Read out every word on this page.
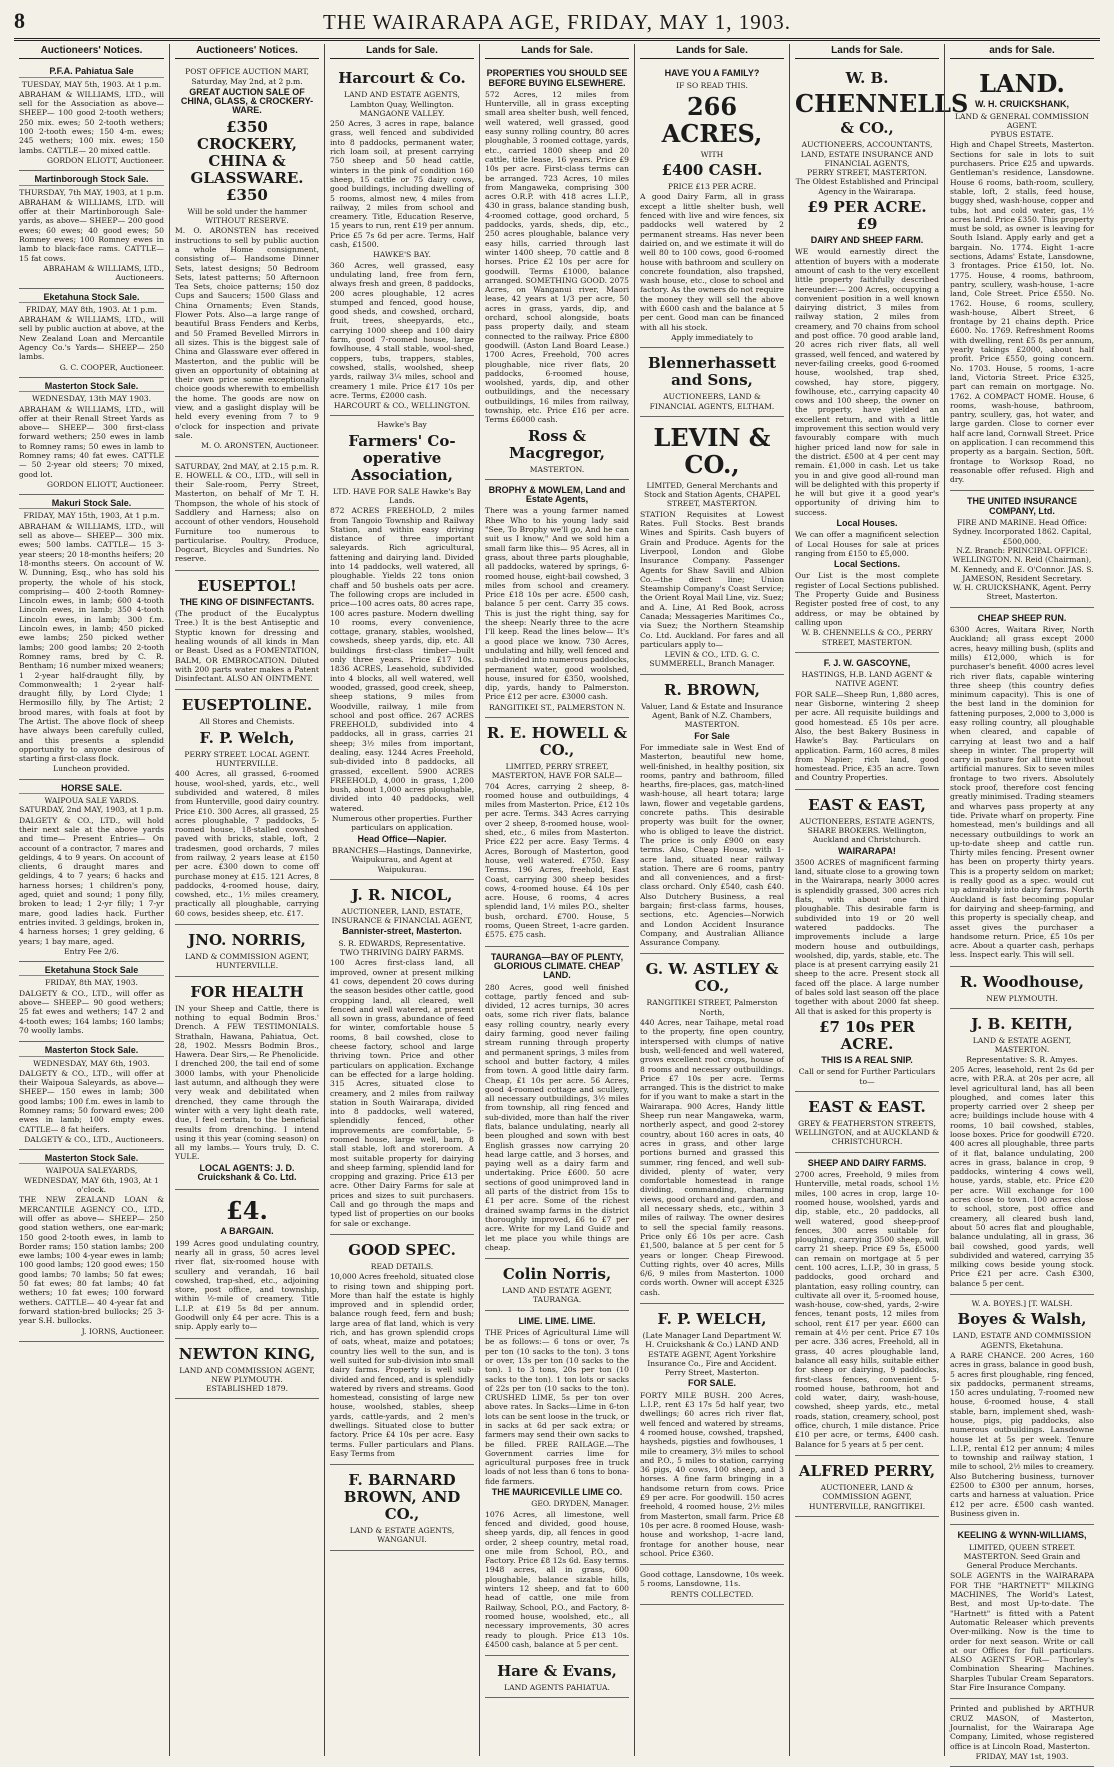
8	THE WAIRARAPA AGE, FRIDAY, MAY 1, 1903.
Auctioneers' Notices.
P.F.A. Pahiatua Sale
TUESDAY, MAY 5th, 1903. At 1 p.m.
ABRAHAM & WILLIAMS, LTD., will sell for the Association as above— SHEEP— 100 good 2-tooth wethers; 250 mix. ewes; 50 2-tooth wethers; 100 2-tooth ewes; 150 4-m. ewes; 245 wethers; 100 mix. ewes; 150 lambs. CATTLE— 20 mixed cattle.
GORDON ELIOTT, Auctioneer.
Martinborough Stock Sale.
THURSDAY, 7th MAY, 1903, at 1 p.m.
ABRAHAM & WILLIAMS, LTD. will offer at their Martinborough Sale-yards, as above— SHEEP— 200 good ewes; 60 ewes; 40 good ewes; 50 Romney ewes; 100 Romney ewes in lamb to black-face rams. CATTLE— 15 fat cows.
ABRAHAM & WILLIAMS, LTD., Auctioneers.
Eketahuna Stock Sale.
FRIDAY, MAY 8th, 1903. At 1 p.m.
ABRAHAM & WILLIAMS, LTD., will sell by public auction at above, at the New Zealand Loan and Mercantile Agency Co.'s Yards— SHEEP— 250 lambs.
G. C. COOPER, Auctioneer.
Masterton Stock Sale.
WEDNESDAY, 13th MAY 1903.
ABRAHAM & WILLIAMS, LTD., will offer at their Renall Street Yards as above— SHEEP— 300 first-class forward wethers; 250 ewes in lamb to Romney rams; 50 ewes in lamb to Romney rams; 40 fat ewes. CATTLE— 50 2-year old steers; 70 mixed, good lot.
GORDON ELIOTT, Auctioneer.
Makuri Stock Sale.
FRIDAY, MAY 15th, 1903, At 1 p.m.
ABRAHAM & WILLIAMS, LTD., will sell as above— SHEEP— 300 mix. ewes; 500 lambs. CATTLE— 15 3-year steers; 20 18-months heifers; 20 18-months steers. On account of W. W. Dunning, Esq., who has sold his property, the whole of his stock, comprising— 400 2-tooth Romney-Lincoln ewes, in lamb; 600 4-tooth Lincoln ewes, in lamb; 350 4-tooth Lincoln ewes, in lamb; 300 f.m. Lincoln ewes, in lamb; 450 picked ewe lambs; 250 picked wether lambs; 200 good lambs; 20 2-tooth Romney rams, bred by C. R. Bentham; 16 number mixed weaners; 1 2-year half-draught filly, by Commonwealth; 1 2-year half-draught filly, by Lord Clyde; 1 Hermosillo filly, by The Artist; 2 brood mares, with foals at foot by The Artist. The above flock of sheep have always been carefully culled, and this presents a splendid opportunity to anyone desirous of starting a first-class flock.
Luncheon provided.
HORSE SALE.
WAIPOUA SALE YARDS.
SATURDAY, 2nd MAY, 1903, at 1 p.m.
DALGETY & CO., LTD., will hold their next sale at the above yards and time— Present Entries— On account of a contractor, 7 mares and geldings, 4 to 9 years. On account of clients, 6 draught mares and geldings, 4 to 7 years; 6 hacks and harness horses; 1 children's pony, aged, quiet and sound; 1 pony filly, broken to lead; 1 2-yr filly; 1 7-yr mare, good ladies hack. Further entries invited. 3 geldings, broken in, 4 harness horses; 1 grey gelding, 6 years; 1 bay mare, aged.
Entry Fee 2/6.
Eketahuna Stock Sale
FRIDAY, 8th MAY, 1903.
DALGETY & CO., LTD., will offer as above— SHEEP— 90 good wethers; 25 fat ewes and wethers; 147 2 and 4-tooth ewes; 164 lambs; 160 lambs; 70 woolly lambs.
Masterton Stock Sale.
WEDNESDAY, MAY 6th, 1903.
DALGETY & CO., LTD., will offer at their Waipoua Saleyards, as above— SHEEP— 150 ewes in lamb; 300 good lambs; 100 f.m. ewes in lamb to Romney rams; 50 forward ewes; 200 ewes in lamb; 100 empty ewes. CATTLE— 8 fat heifers.
DALGETY & CO., LTD., Auctioneers.
Masterton Stock Sale.
WAIPOUA SALEYARDS, WEDNESDAY, MAY 6th, 1903, At 1 o'clock.
THE NEW ZEALAND LOAN & MERCANTILE AGENCY CO., LTD., will offer as above— SHEEP— 250 good station wethers, one ear-mark; 150 good 2-tooth ewes, in lamb to Border rams; 150 station lambs; 200 ewe lambs; 100 4-year ewes in lamb; 100 good lambs; 120 good ewes; 150 good lambs; 70 lambs; 50 fat ewes; 50 fat ewes; 80 fat lambs; 40 fat wethers; 10 fat ewes; 100 forward wethers. CATTLE— 40 4-year fat and forward station-bred bullocks; 25 3-year S.H. bullocks.
J. IORNS, Auctioneer.
Auctioneers' Notices.
POST OFFICE AUCTION MART, Saturday, May 2nd, at 2 p.m.
GREAT AUCTION SALE OF CHINA, GLASS, & CROCKERY-WARE.
£350 CROCKERY, CHINA & GLASSWARE. £350
Will be sold under the hammer WITHOUT RESERVE.
M. O. ARONSTEN has received instructions to sell by public auction a whole Home consignment, consisting of— Handsome Dinner Sets, latest designs; 50 Bedroom Sets, latest patterns; 50 Afternoon Tea Sets, choice patterns; 150 doz Cups and Saucers; 1500 Glass and China Ornaments; Even Stands, Flower Pots. Also—a large range of beautiful Brass Fenders and Kerbs, and 50 Framed Bevelled Mirrors in all sizes. This is the biggest sale of China and Glassware ever offered in Masterton, and the public will be given an opportunity of obtaining at their own price some exceptionally choice goods wherewith to embellish the home. The goods are now on view, and a gaslight display will be held every evening from 7 to 9 o'clock for inspection and private sale.
M. O. ARONSTEN, Auctioneer.
SATURDAY, 2nd MAY, at 2.15 p.m. R. E. HOWELL & CO., LTD., will sell in their Sale-room, Perry Street, Masterton, on behalf of Mr T. H. Thompson, the whole of his stock of Saddlery and Harness; also on account of other vendors, Household Furniture too numerous to particularise. Poultry, Produce, Dogcart, Bicycles and Sundries. No reserve.
EUSEPTOL!
THE KING OF DISINFECTANTS.
(The product of the Eucalyptus Tree.) It is the best Antiseptic and Styptic known for dressing and healing wounds of all kinds in Man or Beast. Used as a FOMENTATION, BALM, OR EMBROCATION. Diluted with 200 parts water makes a Patent Disinfectant. ALSO AN OINTMENT.
EUSEPTOLINE.
All Stores and Chemists.
F. P. Welch,
PERRY STREET. LOCAL AGENT. HUNTERVILLE.
400 Acres, all grassed, 6-roomed house, wool-shed, yards, etc., well subdivided and watered, 8 miles from Hunterville, good dairy country. Price £10. 300 Acres, all grassed, 25 acres ploughable, 7 paddocks, 5-roomed house, 18-stalled cowshed paved with bricks, stable, loft, 2 tradesmen, good orchards, 7 miles from railway, 2 years lease at £150 per acre. £300 down to come off purchase money at £15. 121 Acres, 8 paddocks, 4-roomed house, dairy, cowshed, etc., 1½ miles creamery, practically all ploughable, carrying 60 cows, besides sheep, etc. £17.
JNO. NORRIS,
LAND & COMMISSION AGENT, HUNTERVILLE.
FOR HEALTH
IN your Sheep and Cattle, there is nothing to equal Bodmin Bros.' Drench. A FEW TESTIMONIALS. Strathaln, Hawana, Pahiatua, Oct. 28, 1902. Messrs Bodmin Bros., Hawera. Dear Sirs,— Re Phenolicide. I drenched 200, the tail end of some 3000 lambs, with your Phenolicide last autumn, and although they were very weak and debilitated when drenched, they came through the winter with a very light death rate, due, I feel certain, to the beneficial results from drenching. I intend using it this year (coming season) on all my lambs.— Yours truly, D. C. YULE.
LOCAL AGENTS: J. D. Cruickshank & Co. Ltd.
£4.
A BARGAIN.
199 Acres good undulating country, nearly all in grass, 50 acres level river flat, six-roomed house with scullery and verandah, 16 bail cowshed, trap-shed, etc., adjoining store, post office, and township, within ½-mile of creamery. Title L.I.P. at £19 5s 8d per annum. Goodwill only £4 per acre. This is a snip. Apply early to—
NEWTON KING,
LAND AND COMMISSION AGENT, NEW PLYMOUTH.
ESTABLISHED 1879.
Lands for Sale.
Harcourt & Co.
LAND AND ESTATE AGENTS, Lambton Quay, Wellington.
MANGAONE VALLEY.
250 Acres, 3 acres in rape, balance grass, well fenced and subdivided into 8 paddocks, permanent water, rich loam soil, at present carrying 750 sheep and 50 head cattle, winters in the pink of condition 160 sheep, 15 cattle or 75 dairy cows, good buildings, including dwelling of 5 rooms, almost new, 4 miles from railway, 2 miles from school and creamery. Title, Education Reserve, 15 years to run, rent £19 per annum. Price £5 7s 6d per acre. Terms, Half cash, £1500.
HAWKE'S BAY.
360 Acres, well grassed, easy undulating land, free from fern, always fresh and green, 8 paddocks, 200 acres ploughable, 12 acres stumped and fenced, good house, good sheds, and cowshed, orchard, fruit, trees, sheepyards, etc., carrying 1000 sheep and 100 dairy farm, good 7-roomed house, large fowlhouse, 4 stall stable, wool-shed, coppers, tubs, trappers, stables, cowshed, stalls, woolshed, sheep yards, railway 3¼ miles, school and creamery 1 mile. Price £17 10s per acre. Terms, £2000 cash.
HARCOURT & CO., WELLINGTON.
Hawke's Bay
Farmers' Co-operative Association,
LTD. HAVE FOR SALE Hawke's Bay Lands.
872 ACRES FREEHOLD, 2 miles from Tangoio Township and Railway Station, and within easy driving distance of three important saleyards. Rich agricultural, fattening and dairying land. Divided into 14 paddocks, well watered, all ploughable. Yields 22 tons onion chaff and 50 bushels oats per acre. The following crops are included in price—100 acres oats, 80 acres rape, 100 acres pasture. Modern dwelling 10 rooms, every convenience, cottage, granary, stables, woolshed, cowsheds, sheep yards, dip, etc. All buildings first-class timber—built only three years. Price £17 10s. 1836 ACRES, Leasehold, subdivided into 4 blocks, all well watered, well wooded, grassed, good creek, sheep, sheep stations, 9 miles from Woodville, railway, 1 mile from school and post office. 267 ACRES FREEHOLD, subdivided into 4 paddocks, all in grass, carries 21 sheep; 3½ miles from important, dealing, easy. 1244 Acres Freehold, sub-divided into 8 paddocks, all grassed, excellent. 5900 ACRES FREEHOLD, 4,000 in grass, 1,200 bush, about 1,000 acres ploughable, divided into 40 paddocks, well watered.
Numerous other properties. Further particulars on application.
Head Office—Napier.
BRANCHES—Hastings, Dannevirke, Waipukurau, and Agent at Waipukurau.
J. R. NICOL,
AUCTIONEER, LAND, ESTATE, INSURANCE & FINANCIAL AGENT,
Bannister-street, Masterton.
S. R. EDWARDS, Representative.
TWO THRIVING DAIRY FARMS.
100 Acres first-class land, all improved, owner at present milking 41 cows, dependent 20 cows during the season besides other cattle, good cropping land, all cleared, well fenced and well watered, at present all sown in grass, abundance of feed for winter, comfortable house 5 rooms, 8 bail cowshed, close to cheese factory, school and large thriving town. Price and other particulars on application. Exchange can be effected for a large holding. 315 Acres, situated close to creamery, and 2 miles from railway station in South Wairarapa, divided into 8 paddocks, well watered, splendidly fenced, other improvements are comfortable, 5-roomed house, large well, barn, 8 stall stable, loft and storeroom. A most suitable property for dairying and sheep farming, splendid land for cropping and grazing. Price £13 per acre. Other Dairy Farms for sale at prices and sizes to suit purchasers. Call and go through the maps and typed list of properties on our books for sale or exchange.
GOOD SPEC.
READ DETAILS.
10,000 Acres freehold, situated close to rising town and shipping port. More than half the estate is highly improved and in splendid order, balance rough feed, fern and bush; large area of flat land, which is very rich, and has grown splendid crops of oats, wheat, maize and potatoes; country lies well to the sun, and is well suited for sub-division into small dairy farms. Property is well sub-divided and fenced, and is splendidly watered by rivers and streams. Good homestead, consisting of large new house, woolshed, stables, sheep yards, cattle-yards, and 2 men's dwellings. Situated close to butter factory. Price £4 10s per acre. Easy terms. Fuller particulars and Plans. Easy Terms from
F. BARNARD BROWN, AND CO.,
LAND & ESTATE AGENTS, WANGANUI.
Lands for Sale.
PROPERTIES YOU SHOULD SEE BEFORE BUYING ELSEWHERE.
572 Acres, 12 miles from Hunterville, all in grass excepting small area shelter bush, well fenced, well watered, well grassed, good easy sunny rolling country, 80 acres ploughable, 3 roomed cottage, yards, etc., carried 1800 sheep and 20 cattle, title lease, 16 years. Price £9 10s per acre. First-class terms can be arranged. 723 Acres, 10 miles from Mangaweka, comprising 300 acres O.R.P. with 418 acres L.I.P., 430 in grass, balance standing bush, 4-roomed cottage, good orchard, 5 paddocks, yards, sheds, dip, etc., 250 acres ploughable, balance very easy hills, carried through last winter 1400 sheep, 70 cattle and 8 horses. Price £2 10s per acre for goodwill. Terms £1000, balance arranged. SOMETHING GOOD. 2075 Acres, on Wanganui river, Maori lease, 42 years at 1/3 per acre, 50 acres in grass, yards, dip, and orchard, school alongside, boats pass property daily, and steam connected to the railway. Price £800 goodwill. (Aston Land Board Lease.) 1700 Acres, Freehold, 700 acres ploughable, nice river flats, 20 paddocks, 6-roomed house, woolshed, yards, dip, and other outbuildings, and the necessary outbuildings, 16 miles from railway, township, etc. Price £16 per acre. Terms £6000 cash.
Ross & Macgregor,
MASTERTON.
BROPHY & MOWLEM, Land and Estate Agents,
There was a young farmer named Rhee Who to his young lady said "See, To Brophy we'll go, And he can suit us I know," And we sold him a small farm like this— 95 Acres, all in grass, about three parts ploughable, all paddocks, watered by springs, 6-roomed house, eight-bail cowshed, 3 miles from school and creamery. Price £18 10s per acre. £500 cash, balance 5 per cent. Carry 35 cows. This is just the right thing, say for the sheep: Nearly three to the acre I'll keep. Read the lines below— It's a good place we know. 730 Acres, undulating and hilly, well fenced and sub-divided into numerous paddocks, permanent water, good woolshed, house, insured for £350, woolshed, dip, yards, handy to Palmerston. Price £12 per acre. £3000 cash.
RANGITIKEI ST., PALMERSTON N.
R. E. HOWELL & CO.,
LIMITED, PERRY STREET, MASTERTON, HAVE FOR SALE—
704 Acres, carrying 2 sheep, 8-roomed house and outbuildings, 4 miles from Masterton. Price, £12 10s per acre. Terms. 343 Acres carrying over 2 sheep, 8-roomed house, wool-shed, etc., 6 miles from Masterton. Price £22 per acre. Easy Terms. 4 Acres, Borough of Masterton, good house, well watered. £750. Easy Terms. 196 Acres, freehold, East Coast, carrying 300 sheep besides cows, 4-roomed house. £4 10s per acre. House, 6 rooms, 4 acres splendid land, 1½ miles P.O., shelter bush, orchard. £700. House, 5 rooms, Queen Street, 1-acre garden. £575. £75 cash.
TAURANGA—BAY OF PLENTY, GLORIOUS CLIMATE. CHEAP LAND.
280 Acres, good well finished cottage, partly fenced and sub-divided, 12 acres turnips, 30 acres oats, some rich river flats, balance easy rolling country, nearly every dairy farming, good never failing stream running through property and permanent springs, 3 miles from school and butter factory, 4 miles from town. A good little dairy farm. Cheap, £1 10s per acre. 56 Acres, good 4-roomed cottage and scullery, all necessary outbuildings, 3½ miles from township, all ring fenced and sub-divided, more than half the river flats, balance undulating, nearly all been ploughed and sown with best English grasses now carrying 20 head large cattle, and 3 horses, and paying well as a dairy farm and undertaking. Price £600. 50 acre sections of good unimproved land in all parts of the district from 15s to £1 per acre. Some of the richest drained swamp farms in the district thoroughly improved, £6 to £7 per acre. Write for my Land Guide and let me place you while things are cheap.
Colin Norris,
LAND AND ESTATE AGENT, TAURANGA.
LIME. LIME. LIME.
THE Prices of Agricultural Lime will be as follows:— 6 tons or over, 7s per ton (10 sacks to the ton). 3 tons or over, 13s per ton (10 sacks to the ton). 1 to 3 tons, 20s per ton (10 sacks to the ton). 1 ton lots or sacks of 22s per ton (10 sacks to the ton). CRUSHED LIME, 5s per ton over above rates. In Sacks—Lime in 6-ton lots can be sent loose in the truck, or in sacks at 6d per sack extra; or farmers may send their own sacks to be filled. FREE RAILAGE.—The Government carries lime for agricultural purposes free in truck loads of not less than 6 tons to bona-fide farmers.
THE MAURICEVILLE LIME CO.
GEO. DRYDEN, Manager.
1076 Acres, all limestone, well fenced and divided, good house, sheep yards, dip, all fences in good order, 2 sheep country, metal road, one mile from School, P.O., and Factory. Price £8 12s 6d. Easy terms. 1948 acres, all in grass, 600 ploughable, balance sizable hills, winters 12 sheep, and fat to 600 head of cattle, one mile from Railway, School, P.O., and Factory, 8-roomed house, woolshed, etc., all necessary improvements, 30 acres ready to plough. Price £13 10s. £4500 cash, balance at 5 per cent.
Hare & Evans,
LAND AGENTS PAHIATUA.
Lands for Sale.
HAVE YOU A FAMILY?
IF SO READ THIS.
266 ACRES,
WITH
£400 CASH.
PRICE £13 PER ACRE.
A good Dairy Farm, all in grass except a little shelter bush, well fenced with live and wire fences, six paddocks well watered by 2 permanent streams. Has never been dairied on, and we estimate it will do well 80 to 100 cows, good 6-roomed house with bathroom and scullery on concrete foundation, also trapshed, wash house, etc., close to school and factory. As the owners do not require the money they will sell the above with £600 cash and the balance at 5 per cent. Good man can be financed with all his stock.
Apply immediately to
Blennerhassett and Sons,
AUCTIONEERS, LAND & FINANCIAL AGENTS, ELTHAM.
LEVIN & CO.,
LIMITED, General Merchants and Stock and Station Agents, CHAPEL STREET, MASTERTON.
STATION Requisites at Lowest Rates. Full Stocks. Best brands Wines and Spirits. Cash buyers of Grain and Produce. Agents for the Liverpool, London and Globe Insurance Company. Passenger Agents for Shaw Savill and Albion Co.—the direct line; Union Steamship Company's Coast Service; the Orient Royal Mail Line, viz. Suez; and A. Line, A1 Red Book, across Canada; Messageries Maritimes Co., via Suez; the Northern Steamship Co. Ltd. Auckland. For fares and all particulars apply to—
LEVIN & CO., LTD. G. C. SUMMERELL, Branch Manager.
R. BROWN,
Valuer, Land & Estate and Insurance Agent, Bank of N.Z. Chambers, MASTERTON.
For Sale
For immediate sale in West End of Masterton, beautiful new home, well-finished, in healthy position, six rooms, pantry and bathroom, filled hearths, fire-places, gas, match-lined wash-house, all heart totara; large lawn, flower and vegetable gardens, concrete paths. This desirable property was built for the owner, who is obliged to leave the district. The price is only £900 on easy terms. Also, Cheap House, with 1-acre land, situated near railway station. There are 6 rooms, pantry and all conveniences, and a first-class orchard. Only £540, cash £40. Also Dutchery Business, a real bargain; first-class farms, houses, sections, etc. Agencies—Norwich and London Accident Insurance Company, and Australian Alliance Assurance Company.
G. W. ASTLEY & CO.,
RANGITIKEI STREET, Palmerston North,
440 Acres, near Taihape, metal road to the property, fine open country, interspersed with clumps of native bush, well-fenced and well watered, grows excellent root crops, house of 8 rooms and necessary outbuildings. Price £7 10s per acre. Terms arranged. This is the district to make for if you want to make a start in the Wairarapa. 900 Acres, Handy little Sheep run near Mangaweka, warm, northerly aspect, and good 2-storey country, about 160 acres in oats, 40 acres in grass, and other large portions burned and grassed this summer, ring fenced, and well sub-divided, plenty of water, very comfortable homestead in range dividing, commanding, charming views, good orchard and garden, and all necessary sheds, etc., within 3 miles of railway. The owner desires to sell the special family reasons. Price only £6 10s per acre. Cash £1,500, balance at 5 per cent for 5 years or longer. Cheap Firewood. Cutting rights, over 40 acres, Mills 6/6, 9 miles from Masterton. 1000 cords worth. Owner will accept £325 cash.
F. P. WELCH,
(Late Manager Land Department W. H. Cruickshank & Co.) LAND AND ESTATE AGENT, Agent Yorkshire Insurance Co., Fire and Accident. Perry Street, Masterton.
FOR SALE.
FORTY MILE BUSH. 200 Acres, L.I.P., rent £3 17s 5d half year, two dwellings; 60 acres rich river flat, well fenced and watered by streams, 4 roomed house, cowshed, trapshed, haysheds, pigsties and fowlhouses, 1 mile to creamery, 3½ miles to school and P.O., 5 miles to station, carrying 36 pigs, 40 cows, 100 sheep, and 3 horses. A fine farm bringing in a handsome return from cows. Price £9 per acre. For goodwill. 150 acres freehold, 4 roomed house, 2½ miles from Masterton, small farm. Price £8 10s per acre. 8 roomed House, wash-house and workshop, 1-acre land, frontage for another house, near school. Price £360.
Good cottage, Lansdowne, 10s week. 5 rooms, Lansdowne, 11s.
RENTS COLLECTED.
Lands for Sale.
W. B.
CHENNELLS
& CO.,
AUCTIONEERS, ACCOUNTANTS, LAND, ESTATE INSURANCE AND FINANCIAL AGENTS,
PERRY STREET, MASTERTON.
The Oldest Established and Principal Agency in the Wairarapa.
£9 PER ACRE. £9
DAIRY AND SHEEP FARM.
WE would earnestly direct the attention of buyers with a moderate amount of cash to the very excellent little property faithfully described hereunder:— 200 Acres, occupying a convenient position in a well known dairying district, 3 miles from railway station, 2 miles from creamery, and 70 chains from school and post office. 70 good arable land, 20 acres rich river flats, all well grassed, well fenced, and watered by never-failing creeks, good 6-roomed house, woolshed, trap shed, cowshed, hay store, piggery, fowlhouse, etc., carrying capacity 40 cows and 100 sheep, the owner on the property, have yielded an excellent return, and with a little improvement this section would very favourably compare with much higher priced land now for sale in the district. £500 at 4 per cent may remain. £1,000 in cash. Let us take you in and give good all-round man will be delighted with this property if he will but give it a good year's opportunity of driving him to success.
Local Houses.
We can offer a magnificent selection of Local Houses for sale at prices ranging from £150 to £5,000.
Local Sections.
Our List is the most complete register of Local Sections published. The Property Guide and Business Register posted free of cost, to any address, or may be obtained by calling upon
W. B. CHENNELLS & CO., PERRY STREET, MASTERTON.
F. J. W. GASCOYNE,
HASTINGS, H.B. LAND AGENT & NATIVE AGENT.
FOR SALE—Sheep Run, 1,880 acres, near Gisborne, wintering 2 sheep per acre. All requisite buildings and good homestead. £5 10s per acre. Also, the best Bakery Business in Hawke's Bay. Particulars on application. Farm, 160 acres, 8 miles from Napier; rich land, good homestead. Price, £35 an acre. Town and Country Properties.
EAST & EAST,
AUCTIONEERS, ESTATE AGENTS, SHARE BROKERS. Wellington, Auckland and Christchurch.
WAIRARAPA!
3500 ACRES of magnificent farming land, situate close to a growing town in the Wairarapa, nearly 3000 acres is splendidly grassed, 300 acres rich flats, with about one third ploughable. This desirable farm is subdivided into 19 or 20 well watered paddocks. The improvements include a large modern house and outbuildings, woolshed, dip, yards, stable, etc. The place is at present carrying easily 21 sheep to the acre. Present stock all faced off the place. A large number of bales sold last season off the place together with about 2000 fat sheep. All that is asked for this property is
£7 10s PER ACRE.
THIS IS A REAL SNIP.
Call or send for Further Particulars to—
EAST & EAST.
GREY & FEATHERSTON STREETS, WELLINGTON, and at AUCKLAND & CHRISTCHURCH.
SHEEP AND DAIRY FARMS.
2700 acres, Freehold, 9 miles from Hunterville, metal roads, school 1½ miles, 100 acres in crop, large 10-roomed house, woolshed, yards and dip, stable, etc., 20 paddocks, all well watered, good sheep-proof fences, 300 acres suitable for ploughing, carrying 3500 sheep, will carry 21 sheep. Price £9 5s, £5000 can remain on mortgage at 5 per cent. 100 acres, L.I.P., 30 in grass, 5 paddocks, good orchard and plantation, easy rolling country, can cultivate all over it, 5-roomed house, wash-house, cow-shed, yards, 2-wire fences, tenant posts, 12 miles from school, rent £17 per year. £600 can remain at 4½ per cent. Price £7 10s per acre. 336 acres, Freehold, all in grass, 40 acres ploughable land, balance all easy hills, suitable either for sheep or dairying, 9 paddocks, first-class fences, convenient 5-roomed house, bathroom, hot and cold water, dairy, wash-house, cowshed, sheep yards, etc., metal roads, station, creamery, school, post office, church, 1 mile distance. Price £10 per acre, or terms, £400 cash. Balance for 5 years at 5 per cent.
ALFRED PERRY,
AUCTIONEER, LAND & COMMISSION AGENT, HUNTERVILLE, RANGITIKEI.
ands for Sale.
LAND.
W. H. CRUICKSHANK,
LAND & GENERAL COMMISSION AGENT.
PYBUS ESTATE.
High and Chapel Streets, Masterton. Sections for sale in lots to suit purchasers. Price £25 and upwards. Gentleman's residence, Lansdowne. House 6 rooms, bath-room, scullery, stable, loft, 2 stalls, feed house, buggy shed, wash-house, copper and tubs, hot and cold water, gas, 1½ acres land. Price £350. This property must be sold, as owner is leaving for South Island. Apply early and get a bargain. No. 1774. Eight 1-acre sections, Adams' Estate, Lansdowne, 3 frontages. Price £150, lot. No. 1775. House, 4 rooms, bathroom, pantry, scullery, wash-house, 1-acre land, Cole Street. Price £550. No. 1762. House, 6 rooms, scullery, wash-house, Albert Street, 6 frontage by 21 chains depth. Price £600. No. 1769. Refreshment Rooms with dwelling, rent £5 8s per annum, yearly takings £2000, about half profit. Price £550, going concern. No. 1703. House, 5 rooms, 1-acre land, Victoria Street. Price £325, part can remain on mortgage. No. 1762. A COMPACT HOME. House, 6 rooms, wash-house, bathroom, pantry, scullery, gas, hot water, and large garden. Close to corner ever half acre land, Cornwall Street. Price on application. I can recommend this property as a bargain. Section, 50ft. frontage to Worksop Road, no reasonable offer refused. High and dry.
THE UNITED INSURANCE COMPANY, Ltd.
FIRE AND MARINE. Head Office: Sydney. Incorporated 1862. Capital, £500,000.
N.Z. Branch: PRINCIPAL OFFICE: WELLINGTON. N. Reid (Chairman), M. Kennedy, and E. O'Connor. JAS. S. JAMESON, Resident Secretary.
W. H. CRUICKSHANK, Agent. Perry Street, Masterton.
CHEAP SHEEP RUN.
6300 Acres, Waitara River, North Auckland; all grass except 2000 acres, heavy milling bush, (splits and mills) £12,000, which is for purchaser's benefit. 4000 acres level rich river flats, capable wintering three sheep (this country defies minimum capacity). This is one of the best land in the dominion for fattening purposes, 2,000 to 3,000 is easy rolling country, all ploughable when cleared, and capable of carrying at least two and a half sheep in winter. The property will carry in pasture for all time without artificial manures. Six to seven miles frontage to two rivers. Absolutely stock proof, therefore cost fencing greatly minimised. Trading steamers and wharves pass property at any tide. Private wharf on property. Fine homestead, men's buildings and all necessary outbuildings to work an up-to-date sheep and cattle run. Thirty miles fencing. Present owner has been on property thirty years. This is a property seldom on market; is really good as a spec. would cut up admirably into dairy farms. North Auckland is fast becoming popular for dairying and sheep-farming, and this property is specially cheap, and asset gives the purchaser a handsome return. Price, £5 10s per acre. About a quarter cash, perhaps less. Inspect early. This will sell.
R. Woodhouse,
NEW PLYMOUTH.
J. B. KEITH,
LAND & ESTATE AGENT, MASTERTON.
Representative: S. R. Amyes.
205 Acres, leasehold, rent 2s 6d per acre, with P.R.A. at 20s per acre, all level agricultural land, has all been ploughed, and comes later this property carried over 2 sheep per acre; buildings include house with 4 rooms, 10 bail cowshed, stables, loose boxes. Price for goodwill £720. 400 acres all ploughable, three parts of it flat, balance undulating, 200 acres in grass, balance in crop, 9 paddocks, wintering 4 cows well, house, yards, stable, etc. Price £20 per acre. Will exchange for 100 acres close to town. 100 acres close to school, store, post office and creamery, all cleared bush land, about 50 acres flat and ploughable, balance undulating, all in grass, 36 bail cowshed, good yards, well subdivided and watered, carrying 35 milking cows beside young stock. Price £21 per acre. Cash £300, balance 5 per cent.
W. A. BOYES.] [T. WALSH.
Boyes & Walsh,
LAND, ESTATE AND COMMISSION AGENTS, Eketahuna.
A RARE CHANCE. 200 Acres, 160 acres in grass, balance in good bush, 5 acres first ploughable, ring fenced, six paddocks, permanent streams, 150 acres undulating, 7-roomed new house, 6-roomed house, 4 stall stable, barn, implement shed, wash-house, pigs, pig paddocks, also numerous outbuildings. Lansdowne house let at 5s per week. Tenure L.I.P., rental £12 per annum; 4 miles to township and railway station, 1 mile to school, 2½ miles to creamery. Also Butchering business, turnover £2500 to £300 per annum, horses, carts and harness at valuation. Price £12 per acre. £500 cash wanted. Business given in.
KEELING & WYNN-WILLIAMS,
LIMITED, QUEEN STREET. MASTERTON. Seed Grain and General Produce Merchants.
SOLE AGENTS in the WAIRARAPA FOR THE "HARTNETT" MILKING MACHINES, The World's Latest, Best, and most Up-to-date. The "Hartnett" is fitted with a Patent Automatic Releaser which prevents Over-milking. Now is the time to order for next season. Write or call at our Offices for full particulars. ALSO AGENTS FOR— Thorley's Combination Shearing Machines. Sharples Tubular Cream Separators. Star Fire Insurance Company.
Printed and published by ARTHUR CRUZ MASON, of Masterton, Journalist, for the Wairarapa Age Company, Limited, whose registered office is at Lincoln Road, Masterton.
FRIDAY, MAY 1st, 1903.
